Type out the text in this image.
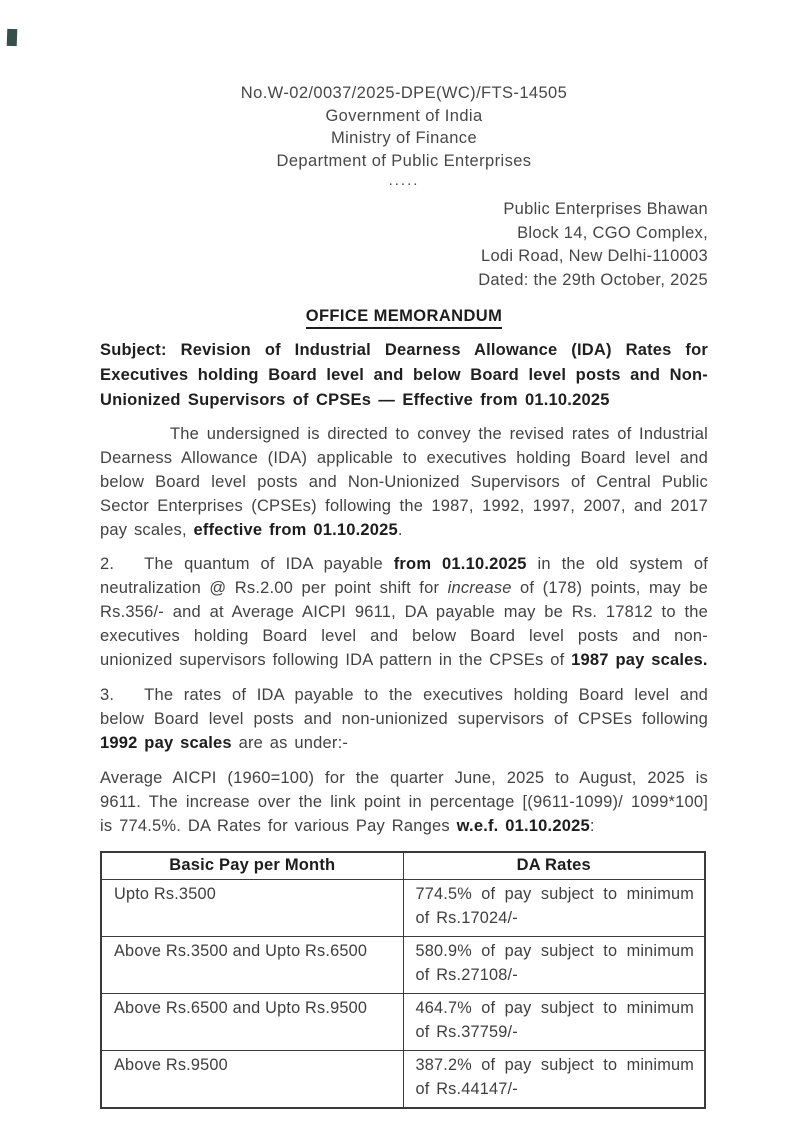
No.W-02/0037/2025-DPE(WC)/FTS-14505
Government of India
Ministry of Finance
Department of Public Enterprises
.....
Public Enterprises Bhawan
Block 14, CGO Complex,
Lodi Road, New Delhi-110003
Dated: the 29th October, 2025
OFFICE MEMORANDUM

Subject: Revision of Industrial Dearness Allowance (IDA) Rates for Executives holding Board level and below Board level posts and Non-Unionized Supervisors of CPSEs — Effective from 01.10.2025

The undersigned is directed to convey the revised rates of Industrial Dearness Allowance (IDA) applicable to executives holding Board level and below Board level posts and Non-Unionized Supervisors of Central Public Sector Enterprises (CPSEs) following the 1987, 1992, 1997, 2007, and 2017 pay scales, effective from 01.10.2025.

2. The quantum of IDA payable from 01.10.2025 in the old system of neutralization @ Rs.2.00 per point shift for increase of (178) points, may be Rs.356/- and at Average AICPI 9611, DA payable may be Rs. 17812 to the executives holding Board level and below Board level posts and non-unionized supervisors following IDA pattern in the CPSEs of 1987 pay scales.

3. The rates of IDA payable to the executives holding Board level and below Board level posts and non-unionized supervisors of CPSEs following 1992 pay scales are as under:-

Average AICPI (1960=100) for the quarter June, 2025 to August, 2025 is 9611. The increase over the link point in percentage [(9611-1099)/ 1099*100] is 774.5%. DA Rates for various Pay Ranges w.e.f. 01.10.2025:

Basic Pay per Month	DA Rates
Upto Rs.3500	774.5% of pay subject to minimum of Rs.17024/-
Above Rs.3500 and Upto Rs.6500	580.9% of pay subject to minimum of Rs.27108/-
Above Rs.6500 and Upto Rs.9500	464.7% of pay subject to minimum of Rs.37759/-
Above Rs.9500	387.2% of pay subject to minimum of Rs.44147/-
